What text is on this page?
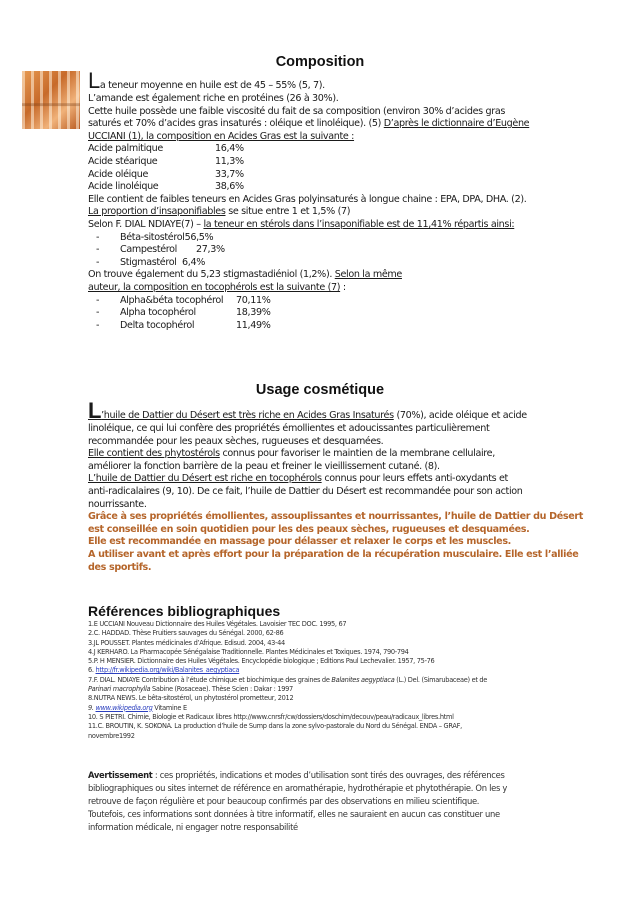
Composition
La teneur moyenne en huile est de 45 – 55% (5, 7).
L’amande est également riche en protéines (26 à 30%).
Cette huile possède une faible viscosité du fait de sa composition (environ 30% d’acides gras
saturés et 70% d’acides gras insaturés : oléique et linoléique). (5) D’après le dictionnaire d’Eugène
UCCIANI (1), la composition en Acides Gras est la suivante :
Acide palmitique	16,4%
Acide stéarique	11,3%
Acide oléique	33,7%
Acide linoléique	38,6%
Elle contient de faibles teneurs en Acides Gras polyinsaturés à longue chaine : EPA, DPA, DHA. (2).
La proportion d’insaponifiables se situe entre 1 et 1,5% (7)
Selon F. DIAL NDIAYE(7) – la teneur en stérols dans l’insaponifiable est de 11,41% répartis ainsi:
-	Béta-sitostérol 56,5%
-	Campestérol	27,3%
-	Stigmastérol 6,4%
On trouve également du 5,23 stigmastadiéniol (1,2%). Selon la même
auteur, la composition en tocophérols est la suivante (7) :
-	Alpha&béta tocophérol	70,11%
-	Alpha tocophérol	18,39%
-	Delta tocophérol	11,49%
Usage cosmétique
L’huile de Dattier du Désert est très riche en Acides Gras Insaturés (70%), acide oléique et acide
linoléique, ce qui lui confère des propriétés émollientes et adoucissantes particulièrement
recommandée pour les peaux sèches, rugueuses et desquamées.
Elle contient des phytostérols connus pour favoriser le maintien de la membrane cellulaire,
améliorer la fonction barrière de la peau et freiner le vieillissement cutané. (8).
L’huile de Dattier du Désert est riche en tocophérols connus pour leurs effets anti-oxydants et
anti-radicalaires (9, 10). De ce fait, l’huile de Dattier du Désert est recommandée pour son action
nourrissante.
Grâce à ses propriétés émollientes, assouplissantes et nourrissantes, l’huile de Dattier du Désert
est conseillée en soin quotidien pour les des peaux sèches, rugueuses et desquamées.
Elle est recommandée en massage pour délasser et relaxer le corps et les muscles.
A utiliser avant et après effort pour la préparation de la récupération musculaire. Elle est l’alliée
des sportifs.
Références bibliographiques
1.E UCCIANI Nouveau Dictionnaire des Huiles Végétales. Lavoisier TEC DOC. 1995, 67
2.C. HADDAD. Thèse Fruitiers sauvages du Sénégal. 2000, 62-86
3.JL POUSSET. Plantes médicinales d’Afrique. Edisud. 2004, 43-44
4.J KERHARO. La Pharmacopée Sénégalaise Traditionnelle. Plantes Médicinales et Toxiques. 1974, 790-794
5.P. H MENSIER. Dictionnaire des Huiles Végétales. Encyclopédie biologique ; Editions Paul Lechevalier. 1957, 75-76
6. http://fr.wikipedia.org/wiki/Balanites_aegyptiaca
7.F. DIAL. NDIAYE Contribution à l’étude chimique et biochimique des graines de Balanites aegyptiaca (L.) Del. (Simarubaceae) et de
Parinari macrophylla Sabine (Rosaceae). Thèse Scien : Dakar : 1997
8.NUTRA NEWS. Le bêta-sitostérol, un phytostérol prometteur, 2012
9. www.wikipedia.org Vitamine E
10. S PIETRI. Chimie, Biologie et Radicaux libres http://www.cnrsfr/cw/dossiers/doschim/decouv/peau/radicaux_libres.html
11.C. BROUTIN, K. SOKONA. La production d’huile de Sump dans la zone sylvo-pastorale du Nord du Sénégal. ENDA – GRAF,
novembre1992
Avertissement : ces propriétés, indications et modes d’utilisation sont tirés des ouvrages, des références
bibliographiques ou sites internet de référence en aromathérapie, hydrothérapie et phytothérapie. On les y
retrouve de façon régulière et pour beaucoup confirmés par des observations en milieu scientifique.
Toutefois, ces informations sont données à titre informatif, elles ne sauraient en aucun cas constituer une
information médicale, ni engager notre responsabilité
